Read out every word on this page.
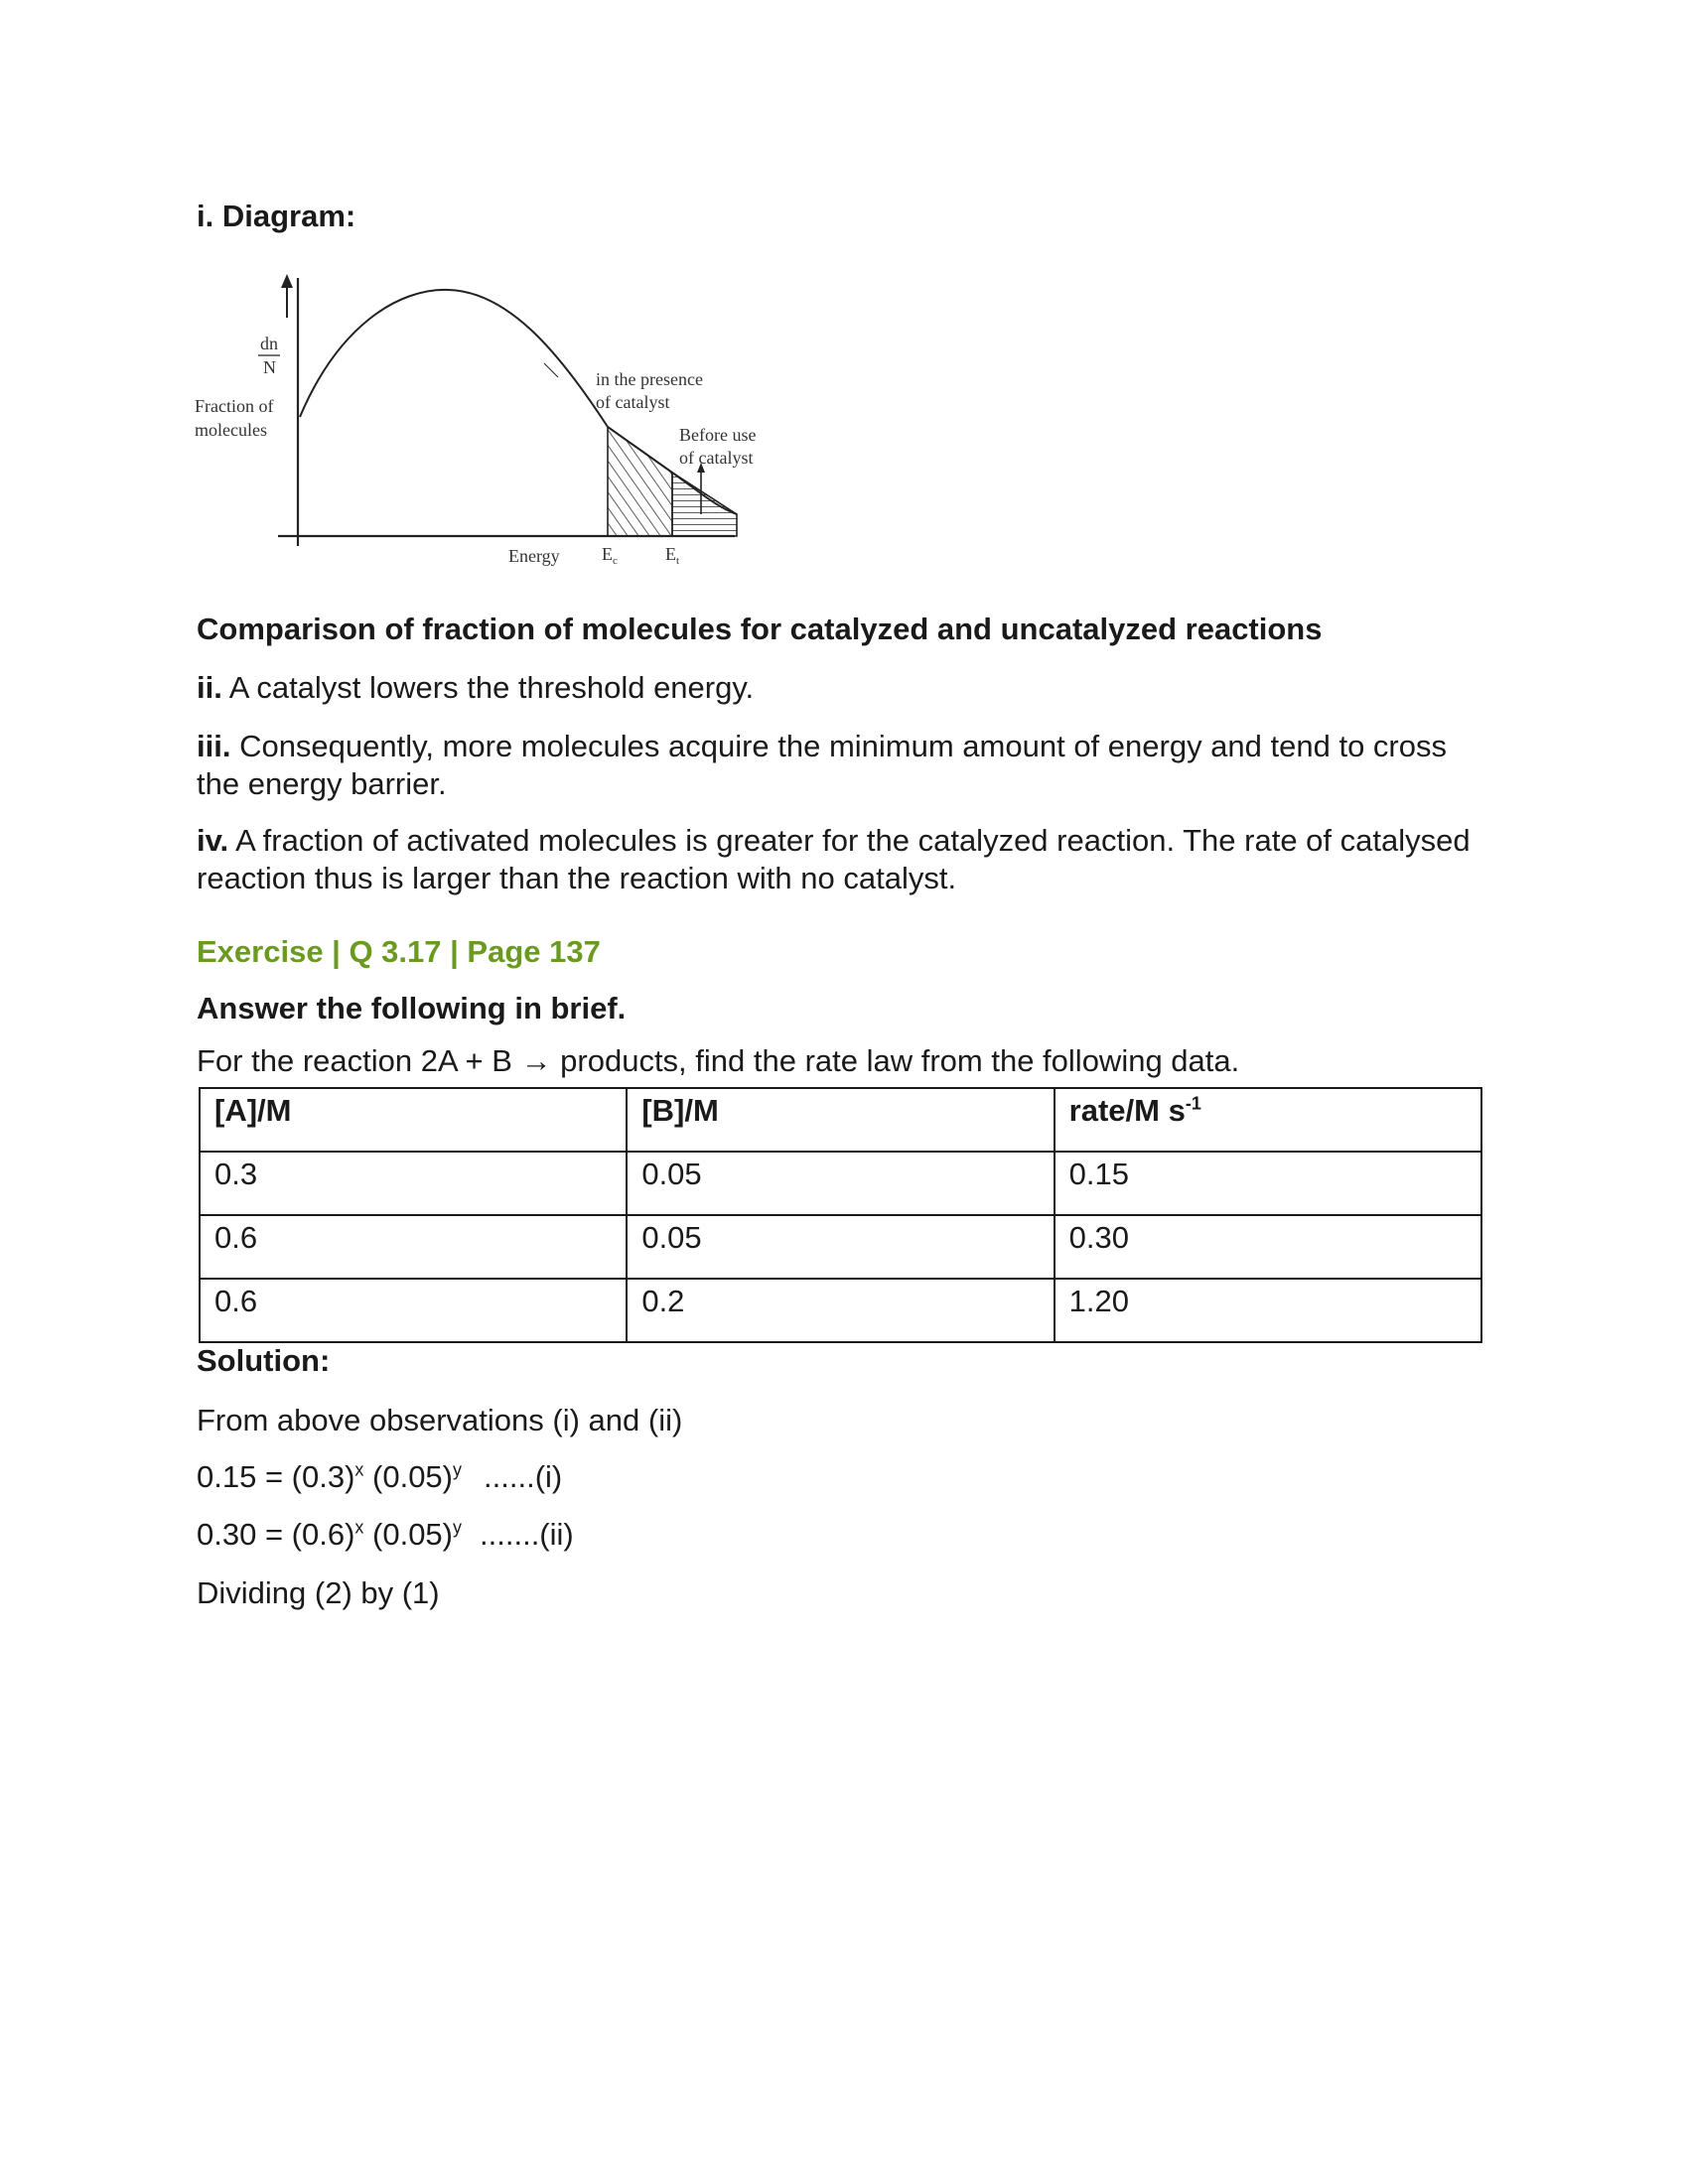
i. Diagram:
dn
N
Fraction of
molecules
in the presence
of catalyst
Before use
of catalyst
Energy $E_c$	$E_t$
Comparison of fraction of molecules for catalyzed and uncatalyzed reactions
ii. A catalyst lowers the threshold energy.
iii. Consequently, more molecules acquire the minimum amount of energy and tend to cross the energy barrier.
iv. A fraction of activated molecules is greater for the catalyzed reaction. The rate of catalysed reaction thus is larger than the reaction with no catalyst.
Exercise | Q 3.17 | Page 137
Answer the following in brief.
For the reaction 2A + B → products, find the rate law from the following data.
[A]/M	[B]/M	rate/M $s^{-1}$
0.3	0.05	0.15
0.6	0.05	0.30
0.6	0.2	1.20
Solution:
From above observations (i) and (ii)
$0.15 = (0.3)^x$ $(0.05)^y$ ......(i)
$0.30 = (0.6)^x$ $(0.05)^y$ .......(ii)
Dividing (2) by (1)
